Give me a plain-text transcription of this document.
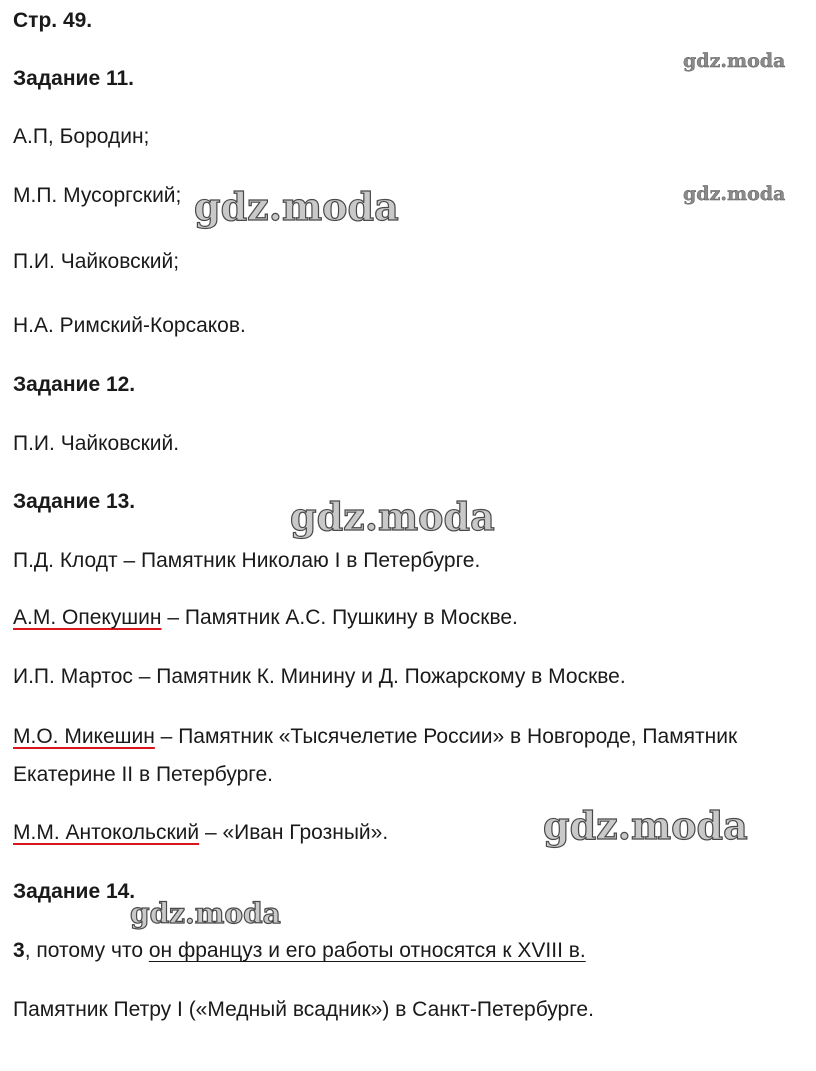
Стр. 49.
Задание 11.
А.П, Бородин;
М.П. Мусоргский;
П.И. Чайковский;
Н.А. Римский-Корсаков.
Задание 12.
П.И. Чайковский.
Задание 13.
П.Д. Клодт – Памятник Николаю I в Петербурге.
А.М. Опекушин – Памятник А.С. Пушкину в Москве.
И.П. Мартос – Памятник К. Минину и Д. Пожарскому в Москве.
М.О. Микешин – Памятник «Тысячелетие России» в Новгороде, Памятник
Екатерине II в Петербурге.
М.М. Антокольский – «Иван Грозный».
Задание 14.
3, потому что он француз и его работы относятся к XVIII в.
Памятник Петру I («Медный всадник») в Санкт-Петербурге.
gdz.moda
gdz.moda
gdz.moda
gdz.moda
gdz.moda
gdz.moda
